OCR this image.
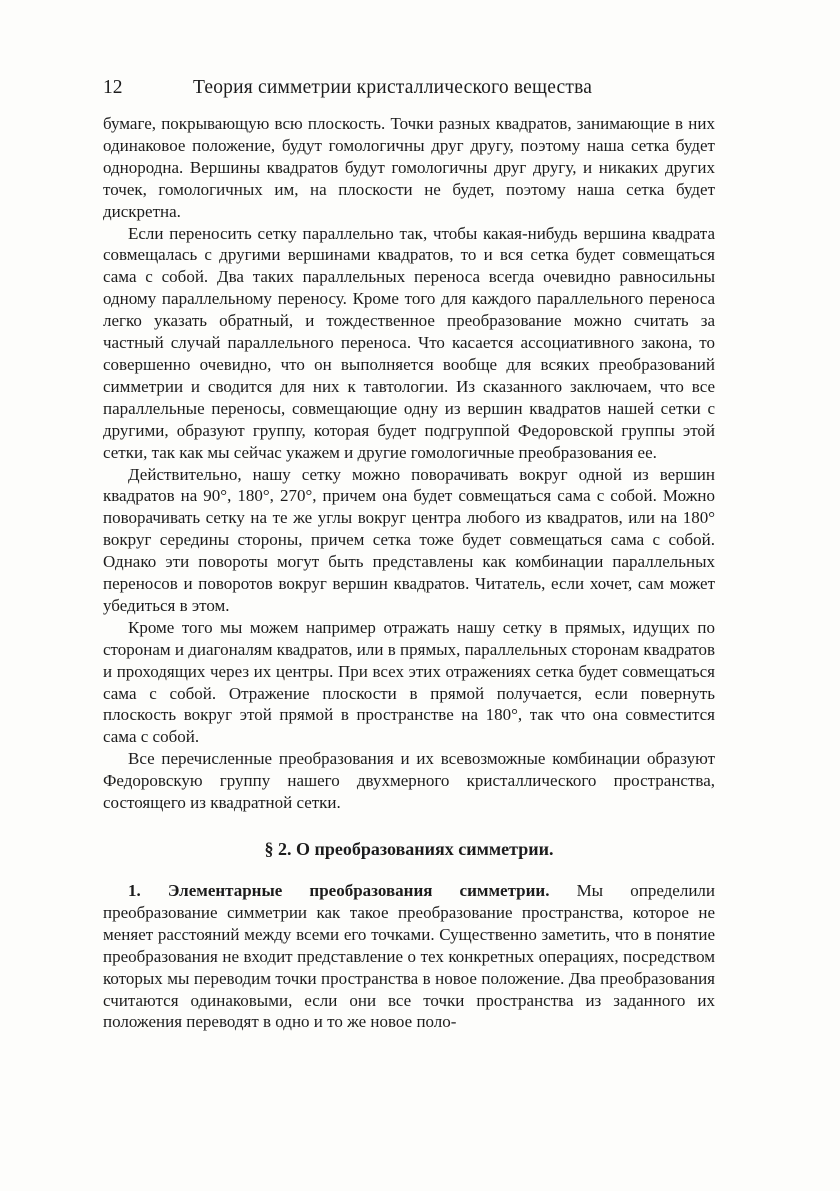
12	Теория симметрии кристаллического вещества

бумаге, покрывающую всю плоскость. Точки разных квадратов, занимающие в них одинаковое положение, будут гомологичны друг другу, поэтому наша сетка будет однородна. Вершины квадратов будут гомологичны друг другу, и никаких других точек, гомологичных им, на плоскости не будет, поэтому наша сетка будет дискретна.

Если переносить сетку параллельно так, чтобы какая-нибудь вершина квадрата совмещалась с другими вершинами квадратов, то и вся сетка будет совмещаться сама с собой. Два таких параллельных переноса всегда очевидно равносильны одному параллельному переносу. Кроме того для каждого параллельного переноса легко указать обратный, и тождественное преобразование можно считать за частный случай параллельного переноса. Что касается ассоциативного закона, то совершенно очевидно, что он выполняется вообще для всяких преобразований симметрии и сводится для них к тавтологии. Из сказанного заключаем, что все параллельные переносы, совмещающие одну из вершин квадратов нашей сетки с другими, образуют группу, которая будет подгруппой Федоровской группы этой сетки, так как мы сейчас укажем и другие гомологичные преобразования ее.

Действительно, нашу сетку можно поворачивать вокруг одной из вершин квадратов на 90°, 180°, 270°, причем она будет совмещаться сама с собой. Можно поворачивать сетку на те же углы вокруг центра любого из квадратов, или на 180° вокруг середины стороны, причем сетка тоже будет совмещаться сама с собой. Однако эти повороты могут быть представлены как комбинации параллельных переносов и поворотов вокруг вершин квадратов. Читатель, если хочет, сам может убедиться в этом.

Кроме того мы можем например отражать нашу сетку в прямых, идущих по сторонам и диагоналям квадратов, или в прямых, параллельных сторонам квадратов и проходящих через их центры. При всех этих отражениях сетка будет совмещаться сама с собой. Отражение плоскости в прямой получается, если повернуть плоскость вокруг этой прямой в пространстве на 180°, так что она совместится сама с собой.

Все перечисленные преобразования и их всевозможные комбинации образуют Федоровскую группу нашего двухмерного кристаллического пространства, состоящего из квадратной сетки.

§ 2. О преобразованиях симметрии.

1. Элементарные преобразования симметрии. Мы определили преобразование симметрии как такое преобразование пространства, которое не меняет расстояний между всеми его точками. Существенно заметить, что в понятие преобразования не входит представление о тех конкретных операциях, посредством которых мы переводим точки пространства в новое положение. Два преобразования считаются одинаковыми, если они все точки пространства из заданного их положения переводят в одно и то же новое поло-
